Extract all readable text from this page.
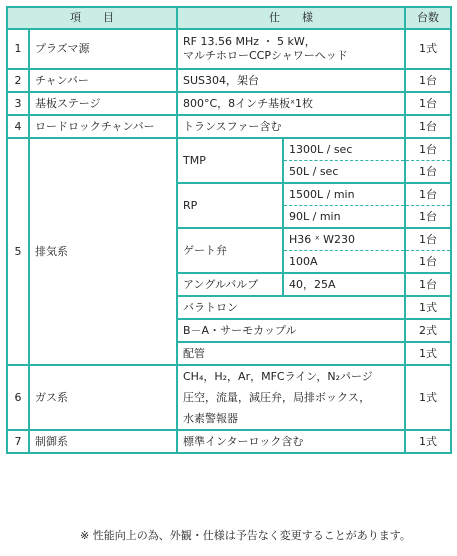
項　　目		仕　　様		台数
1	プラズマ源	RF 13.56 MHz ・ 5 kW，
マルチホローCCPシャワーヘッド		1式
2	チャンバー	SUS304，架台		1台
3	基板ステージ	800°C，8インチ基板ˣ1枚		1台
4	ロードロックチャンバー	トランスファー含む		1台
5	排気系	TMP	1300L / sec	1台
			50L / sec	1台
		RP	1500L / min	1台
			90L / min	1台
		ゲート弁	H36 ˣ W230	1台
			100A	1台
		アングルバルブ	40，25A	1台
		バラトロン		1式
		B－A・サーモカップル		2式
		配管		1式
6	ガス系	CH₄，H₂，Ar，MFCライン，N₂パージ		1式
		圧空，流量，減圧弁，局排ボックス，		
		水素警報器		
7	制御系	標準インターロック含む		1式
※ 性能向上の為、外観・仕様は予告なく変更することがあります。
